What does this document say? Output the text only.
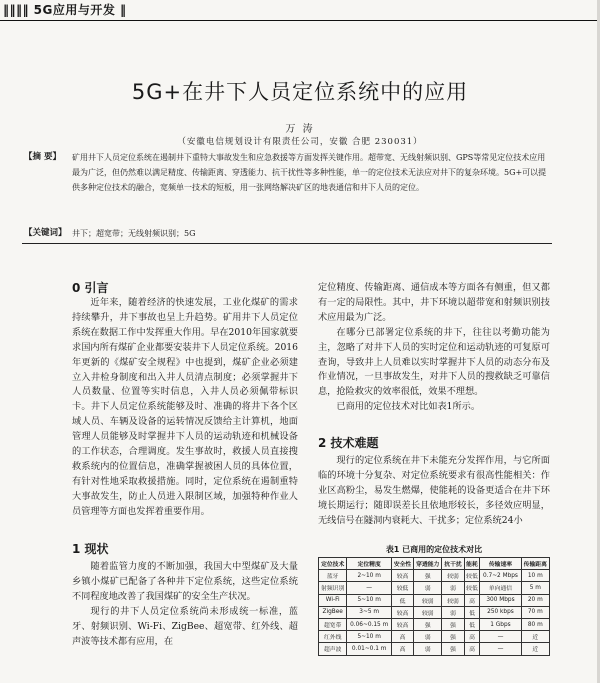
‖‖‖‖ 5G应用与开发 ‖
5G+在井下人员定位系统中的应用
万 涛
（安徽电信规划设计有限责任公司，安徽 合肥 230031）
【摘 要】 矿用井下人员定位系统在遏制井下重特大事故发生和应急救援等方面发挥关键作用。超带宽、无线射频识别、GPS等常见定位技术应用最为广泛，但仍然难以满足精度、传输距离、穿透能力、抗干扰性等多种性能，单一的定位技术无法应对井下的复杂环境。5G+可以提供多种定位技术的融合，宽频单一技术的短板，用一张网络解决矿区的地表通信和井下人员的定位。
【关键词】 井下；超宽带；无线射频识别；5G
0 引言

近年来，随着经济的快速发展，工业化煤矿的需求持续攀升，井下事故也呈上升趋势。矿用井下人员定位系统在数据工作中发挥重大作用。早在2010年国家就要求国内所有煤矿企业都要安装井下人员定位系统。2016年更新的《煤矿安全规程》中也提到，煤矿企业必须建立入井检身制度和出入井人员清点制度；必须掌握井下人员数量、位置等实时信息，入井人员必须佩带标识卡。井下人员定位系统能够及时、准确的将井下各个区域人员、车辆及设备的运转情况反馈给主计算机，地面管理人员能够及时掌握井下人员的运动轨迹和机械设备的工作状态，合理调度。发生事故时，救援人员直接搜救系统内的位置信息，准确掌握被困人员的具体位置，有针对性地采取救援措施。同时，定位系统在遏制重特大事故发生，防止人员进入限制区域，加强特种作业人员管理等方面也发挥着重要作用。

1 现状

随着监管力度的不断加强，我国大中型煤矿及大量乡镇小煤矿已配备了各种井下定位系统，这些定位系统不同程度地改善了我国煤矿的安全生产状况。

现行的井下人员定位系统尚未形成统一标准，蓝牙、射频识别、Wi-Fi、ZigBee、超宽带、红外线、超声波等技术都有应用，在

定位精度、传输距离、通信成本等方面各有侧重，但又都有一定的局限性。其中，井下环境以超带宽和射频识别技术应用最为广泛。

在哪分已部署定位系统的井下，往往以考勤功能为主，忽略了对井下人员的实时定位和运动轨迹的可复原可查询，导致井上人员难以实时掌握井下人员的动态分布及作业情况，一旦事故发生，对井下人员的搜救缺乏可靠信息，抢险救灾的效率很低，效果不理想。

已商用的定位技术对比如表1所示。

2 技术难题

现行的定位系统在井下未能充分发挥作用，与它所面临的环境十分复杂、对定位系统要求有很高性能相关：作业区高粉尘，易发生燃爆，使能耗的设备更适合在井下环境长期运行；随即误差长且依地形较长，多径效应明显，无线信号在隧洞内衰耗大、干扰多；定位系统24小

表1 已商用的定位技术对比
定位技术	定位精度	安全性	穿透能力	抗干扰	能耗	传输速率	传输距离
蓝牙	2~10 m	较高	强	较弱	较低	0.7~2 Mbps	10 m
射频识别	—	较低	弱	弱	较低	单向通信	5 m
Wi-Fi	5~10 m	低	较弱	较弱	高	300 Mbps	20 m
ZigBee	3~5 m	较高	较弱	弱	低	250 kbps	70 m
超宽带	0.06~0.15 m	较高	强	强	低	1 Gbps	80 m
红外线	5~10 m	高	弱	强	高	—	近
超声波	0.01~0.1 m	高	弱	强	高	—	近
